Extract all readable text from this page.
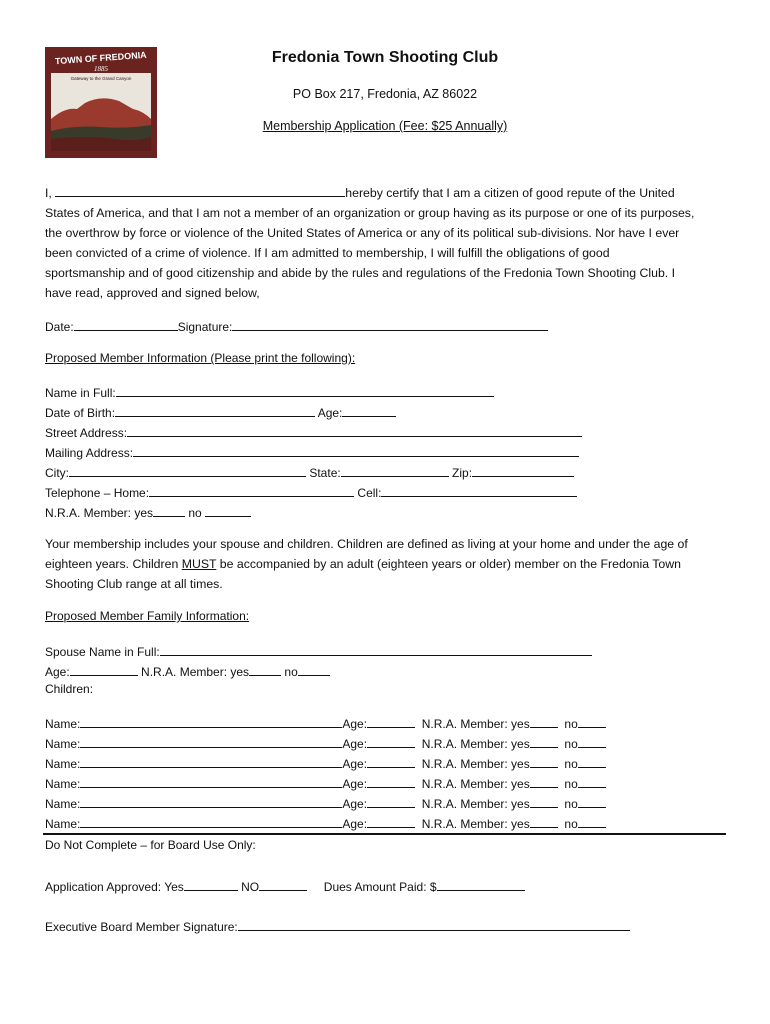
TOWN OF FREDONIA
1885
Gateway to the Grand Canyon
Fredonia Town Shooting Club
PO Box 217, Fredonia, AZ 86022
Membership Application (Fee: $25 Annually)
I,	hereby certify that I am a citizen of good repute of the United
States of America, and that I am not a member of an organization or group having as its purpose or one of its purposes,
the overthrow by force or violence of the United States of America or any of its political sub-divisions. Nor have I ever
been convicted of a crime of violence. If I am admitted to membership, I will fulfill the obligations of good
sportsmanship and of good citizenship and abide by the rules and regulations of the Fredonia Town Shooting Club. I
have read, approved and signed below,
Date:	Signature:
Proposed Member Information (Please print the following):
Name in Full:
Date of Birth:	Age:
Street Address:
Mailing Address:
City:	State:	Zip:
Telephone – Home:	Cell:
N.R.A. Member: yes	no
Your membership includes your spouse and children. Children are defined as living at your home and under the age of
eighteen years. Children MUST be accompanied by an adult (eighteen years or older) member on the Fredonia Town
Shooting Club range at all times.
Proposed Member Family Information:
Spouse Name in Full:
Age:	N.R.A. Member: yes	no
Children:
Name:	Age:	N.R.A. Member: yes	no
Name:	Age:	N.R.A. Member: yes	no
Name:	Age:	N.R.A. Member: yes	no
Name:	Age:	N.R.A. Member: yes	no
Name:	Age:	N.R.A. Member: yes	no
Name:	Age:	N.R.A. Member: yes	no
Do Not Complete – for Board Use Only:
Application Approved: Yes	NO	Dues Amount Paid: $
Executive Board Member Signature:
